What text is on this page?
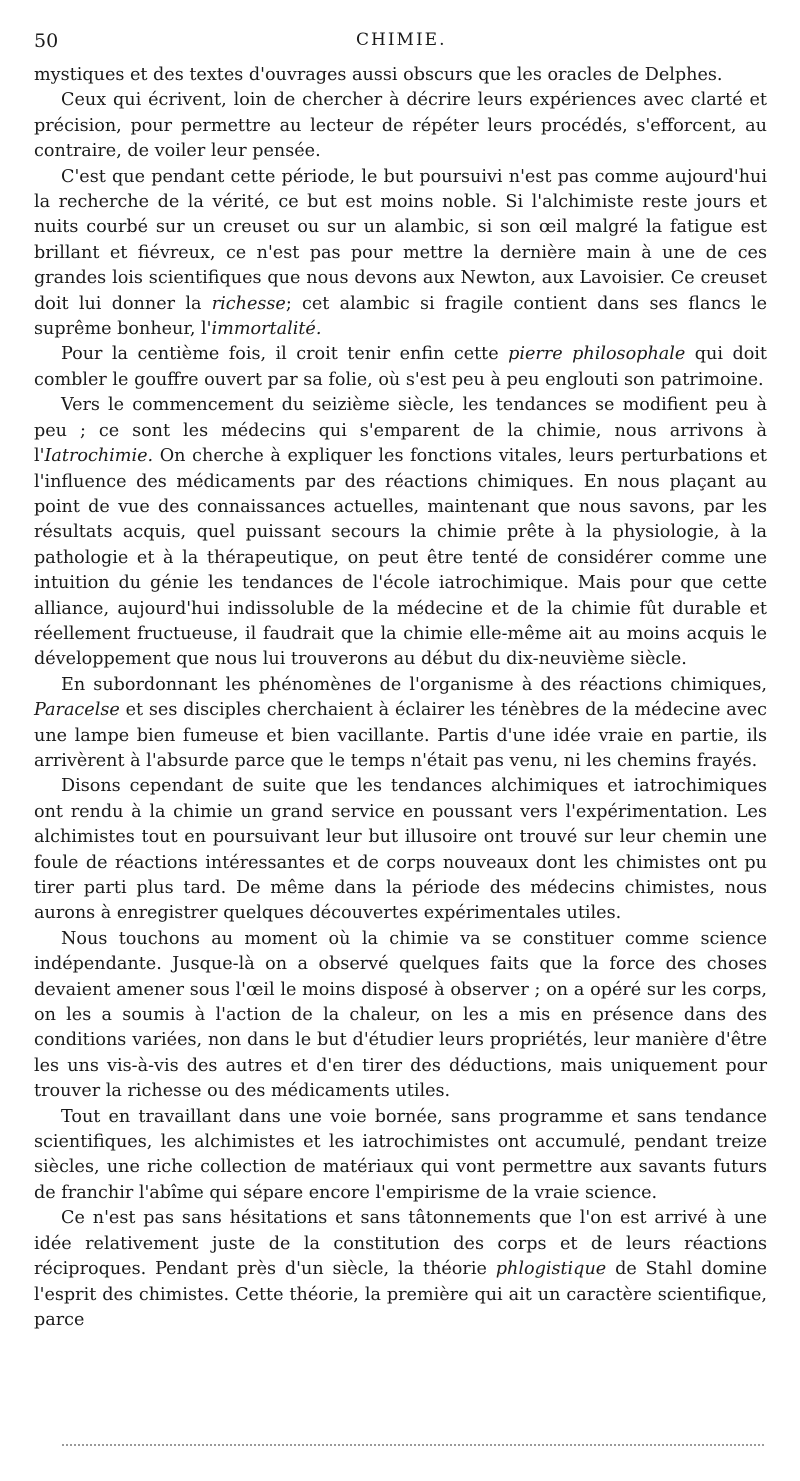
50	CHIMIE.

mystiques et des textes d'ouvrages aussi obscurs que les oracles de Delphes.

Ceux qui écrivent, loin de chercher à décrire leurs expériences avec clarté et précision, pour permettre au lecteur de répéter leurs procédés, s'efforcent, au contraire, de voiler leur pensée.

C'est que pendant cette période, le but poursuivi n'est pas comme aujourd'hui la recherche de la vérité, ce but est moins noble. Si l'alchimiste reste jours et nuits courbé sur un creuset ou sur un alambic, si son œil malgré la fatigue est brillant et fiévreux, ce n'est pas pour mettre la dernière main à une de ces grandes lois scientifiques que nous devons aux Newton, aux Lavoisier. Ce creuset doit lui donner la richesse; cet alambic si fragile contient dans ses flancs le suprême bonheur, l'immortalité.

Pour la centième fois, il croit tenir enfin cette pierre philosophale qui doit combler le gouffre ouvert par sa folie, où s'est peu à peu englouti son patrimoine.

Vers le commencement du seizième siècle, les tendances se modifient peu à peu ; ce sont les médecins qui s'emparent de la chimie, nous arrivons à l'Iatrochimie. On cherche à expliquer les fonctions vitales, leurs perturbations et l'influence des médicaments par des réactions chimiques. En nous plaçant au point de vue des connaissances actuelles, maintenant que nous savons, par les résultats acquis, quel puissant secours la chimie prête à la physiologie, à la pathologie et à la thérapeutique, on peut être tenté de considérer comme une intuition du génie les tendances de l'école iatrochimique. Mais pour que cette alliance, aujourd'hui indissoluble de la médecine et de la chimie fût durable et réellement fructueuse, il faudrait que la chimie elle-même ait au moins acquis le développement que nous lui trouverons au début du dix-neuvième siècle.

En subordonnant les phénomènes de l'organisme à des réactions chimiques, Paracelse et ses disciples cherchaient à éclairer les ténèbres de la médecine avec une lampe bien fumeuse et bien vacillante. Partis d'une idée vraie en partie, ils arrivèrent à l'absurde parce que le temps n'était pas venu, ni les chemins frayés.

Disons cependant de suite que les tendances alchimiques et iatrochimiques ont rendu à la chimie un grand service en poussant vers l'expérimentation. Les alchimistes tout en poursuivant leur but illusoire ont trouvé sur leur chemin une foule de réactions intéressantes et de corps nouveaux dont les chimistes ont pu tirer parti plus tard. De même dans la période des médecins chimistes, nous aurons à enregistrer quelques découvertes expérimentales utiles.

Nous touchons au moment où la chimie va se constituer comme science indépendante. Jusque-là on a observé quelques faits que la force des choses devaient amener sous l'œil le moins disposé à observer ; on a opéré sur les corps, on les a soumis à l'action de la chaleur, on les a mis en présence dans des conditions variées, non dans le but d'étudier leurs propriétés, leur manière d'être les uns vis-à-vis des autres et d'en tirer des déductions, mais uniquement pour trouver la richesse ou des médicaments utiles.

Tout en travaillant dans une voie bornée, sans programme et sans tendance scientifiques, les alchimistes et les iatrochimistes ont accumulé, pendant treize siècles, une riche collection de matériaux qui vont permettre aux savants futurs de franchir l'abîme qui sépare encore l'empirisme de la vraie science.

Ce n'est pas sans hésitations et sans tâtonnements que l'on est arrivé à une idée relativement juste de la constitution des corps et de leurs réactions réciproques. Pendant près d'un siècle, la théorie phlogistique de Stahl domine l'esprit des chimistes. Cette théorie, la première qui ait un caractère scientifique, parce
